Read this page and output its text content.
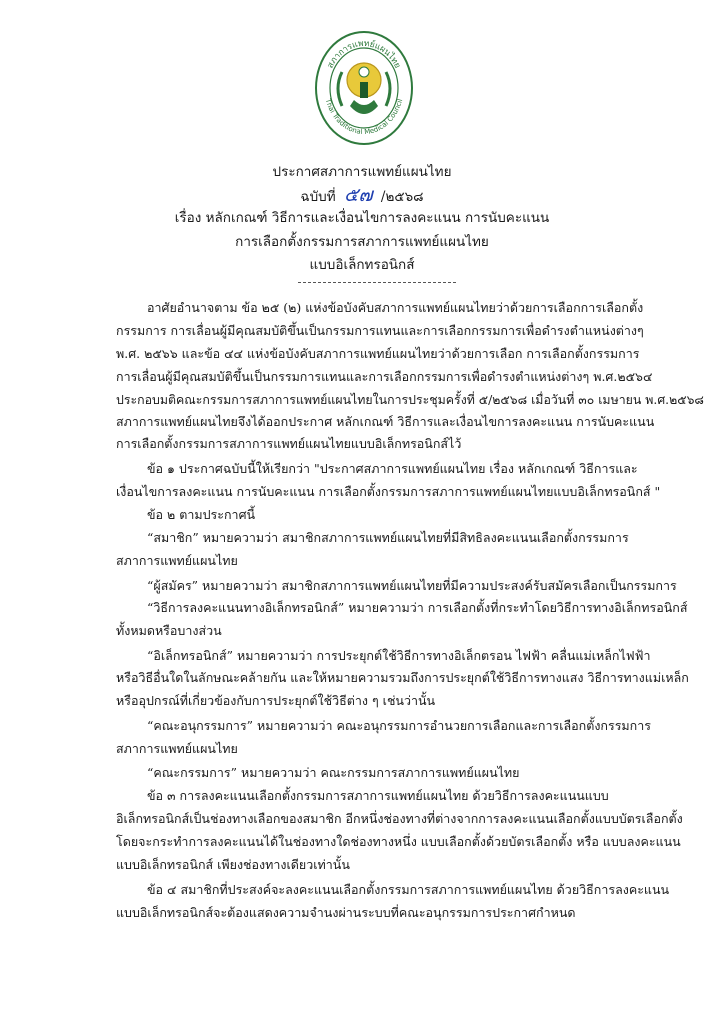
สภาการแพทย์แผนไทย
Thai Traditional Medical Council
ประกาศสภาการแพทย์แผนไทย
ฉบับที่ ๕๗ /๒๕๖๘
เรื่อง หลักเกณฑ์ วิธีการและเงื่อนไขการลงคะแนน การนับคะแนน
การเลือกตั้งกรรมการสภาการแพทย์แผนไทย
แบบอิเล็กทรอนิกส์
อาศัยอำนาจตาม ข้อ ๒๕ (๒) แห่งข้อบังคับสภาการแพทย์แผนไทยว่าด้วยการเลือกการเลือกตั้ง
กรรมการ การเลื่อนผู้มีคุณสมบัติขึ้นเป็นกรรมการแทนและการเลือกกรรมการเพื่อดำรงตำแหน่งต่างๆ
พ.ศ. ๒๕๖๖ และข้อ ๔๔ แห่งข้อบังคับสภาการแพทย์แผนไทยว่าด้วยการเลือก การเลือกตั้งกรรมการ
การเลื่อนผู้มีคุณสมบัติขึ้นเป็นกรรมการแทนและการเลือกกรรมการเพื่อดำรงตำแหน่งต่างๆ พ.ศ.๒๕๖๔
ประกอบมติคณะกรรมการสภาการแพทย์แผนไทยในการประชุมครั้งที่ ๕/๒๕๖๘ เมื่อวันที่ ๓๐ เมษายน พ.ศ.๒๕๖๘
สภาการแพทย์แผนไทยจึงได้ออกประกาศ หลักเกณฑ์ วิธีการและเงื่อนไขการลงคะแนน การนับคะแนน
การเลือกตั้งกรรมการสภาการแพทย์แผนไทยแบบอิเล็กทรอนิกส์ไว้
ข้อ ๑ ประกาศฉบับนี้ให้เรียกว่า "ประกาศสภาการแพทย์แผนไทย เรื่อง หลักเกณฑ์ วิธีการและ
เงื่อนไขการลงคะแนน การนับคะแนน การเลือกตั้งกรรมการสภาการแพทย์แผนไทยแบบอิเล็กทรอนิกส์ "
ข้อ ๒ ตามประกาศนี้
“สมาชิก” หมายความว่า สมาชิกสภาการแพทย์แผนไทยที่มีสิทธิลงคะแนนเลือกตั้งกรรมการ
สภาการแพทย์แผนไทย
“ผู้สมัคร” หมายความว่า สมาชิกสภาการแพทย์แผนไทยที่มีความประสงค์รับสมัครเลือกเป็นกรรมการ
“วิธีการลงคะแนนทางอิเล็กทรอนิกส์” หมายความว่า การเลือกตั้งที่กระทำโดยวิธีการทางอิเล็กทรอนิกส์
ทั้งหมดหรือบางส่วน
“อิเล็กทรอนิกส์” หมายความว่า การประยุกต์ใช้วิธีการทางอิเล็กตรอน ไฟฟ้า คลื่นแม่เหล็กไฟฟ้า
หรือวิธีอื่นใดในลักษณะคล้ายกัน และให้หมายความรวมถึงการประยุกต์ใช้วิธีการทางแสง วิธีการทางแม่เหล็ก
หรืออุปกรณ์ที่เกี่ยวข้องกับการประยุกต์ใช้วิธีต่าง ๆ เช่นว่านั้น
“คณะอนุกรรมการ” หมายความว่า คณะอนุกรรมการอำนวยการเลือกและการเลือกตั้งกรรมการ
สภาการแพทย์แผนไทย
“คณะกรรมการ” หมายความว่า คณะกรรมการสภาการแพทย์แผนไทย
ข้อ ๓ การลงคะแนนเลือกตั้งกรรมการสภาการแพทย์แผนไทย ด้วยวิธีการลงคะแนนแบบ
อิเล็กทรอนิกส์เป็นช่องทางเลือกของสมาชิก อีกหนึ่งช่องทางที่ต่างจากการลงคะแนนเลือกตั้งแบบบัตรเลือกตั้ง
โดยจะกระทำการลงคะแนนได้ในช่องทางใดช่องทางหนึ่ง แบบเลือกตั้งด้วยบัตรเลือกตั้ง หรือ แบบลงคะแนน
แบบอิเล็กทรอนิกส์ เพียงช่องทางเดียวเท่านั้น
ข้อ ๔ สมาชิกที่ประสงค์จะลงคะแนนเลือกตั้งกรรมการสภาการแพทย์แผนไทย ด้วยวิธีการลงคะแนน
แบบอิเล็กทรอนิกส์จะต้องแสดงความจำนงผ่านระบบที่คณะอนุกรรมการประกาศกำหนด
